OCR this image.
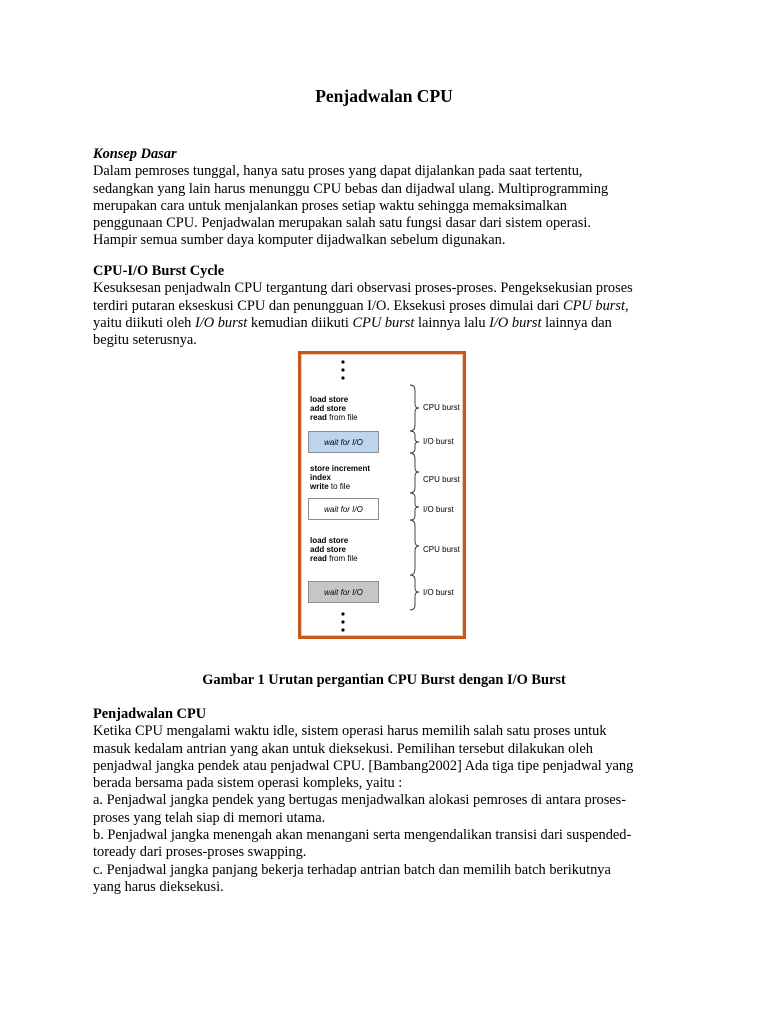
Penjadwalan CPU
Konsep Dasar
Dalam pemroses tunggal, hanya satu proses yang dapat dijalankan pada saat tertentu,
sedangkan yang lain harus menunggu CPU bebas dan dijadwal ulang. Multiprogramming
merupakan cara untuk menjalankan proses setiap waktu sehingga memaksimalkan
penggunaan CPU. Penjadwalan merupakan salah satu fungsi dasar dari sistem operasi.
Hampir semua sumber daya komputer dijadwalkan sebelum digunakan.
CPU-I/O Burst Cycle
Kesuksesan penjadwaln CPU tergantung dari observasi proses-proses. Pengeksekusian proses
terdiri putaran ekseskusi CPU dan penungguan I/O. Eksekusi proses dimulai dari CPU burst,
yaitu diikuti oleh I/O burst kemudian diikuti CPU burst lainnya lalu I/O burst lainnya dan
begitu seterusnya.
load store
add store
read from file
wait for I/O
store increment
index
write to file
wait for I/O
load store
add store
read from file
wait for I/O
CPU burst
I/O burst
CPU burst
I/O burst
CPU burst
I/O burst
Gambar 1 Urutan pergantian CPU Burst dengan I/O Burst
Penjadwalan CPU
Ketika CPU mengalami waktu idle, sistem operasi harus memilih salah satu proses untuk
masuk kedalam antrian yang akan untuk dieksekusi. Pemilihan tersebut dilakukan oleh
penjadwal jangka pendek atau penjadwal CPU. [Bambang2002] Ada tiga tipe penjadwal yang
berada bersama pada sistem operasi kompleks, yaitu :
a. Penjadwal jangka pendek yang bertugas menjadwalkan alokasi pemroses di antara proses-
proses yang telah siap di memori utama.
b. Penjadwal jangka menengah akan menangani serta mengendalikan transisi dari suspended-
toready dari proses-proses swapping.
c. Penjadwal jangka panjang bekerja terhadap antrian batch dan memilih batch berikutnya
yang harus dieksekusi.
